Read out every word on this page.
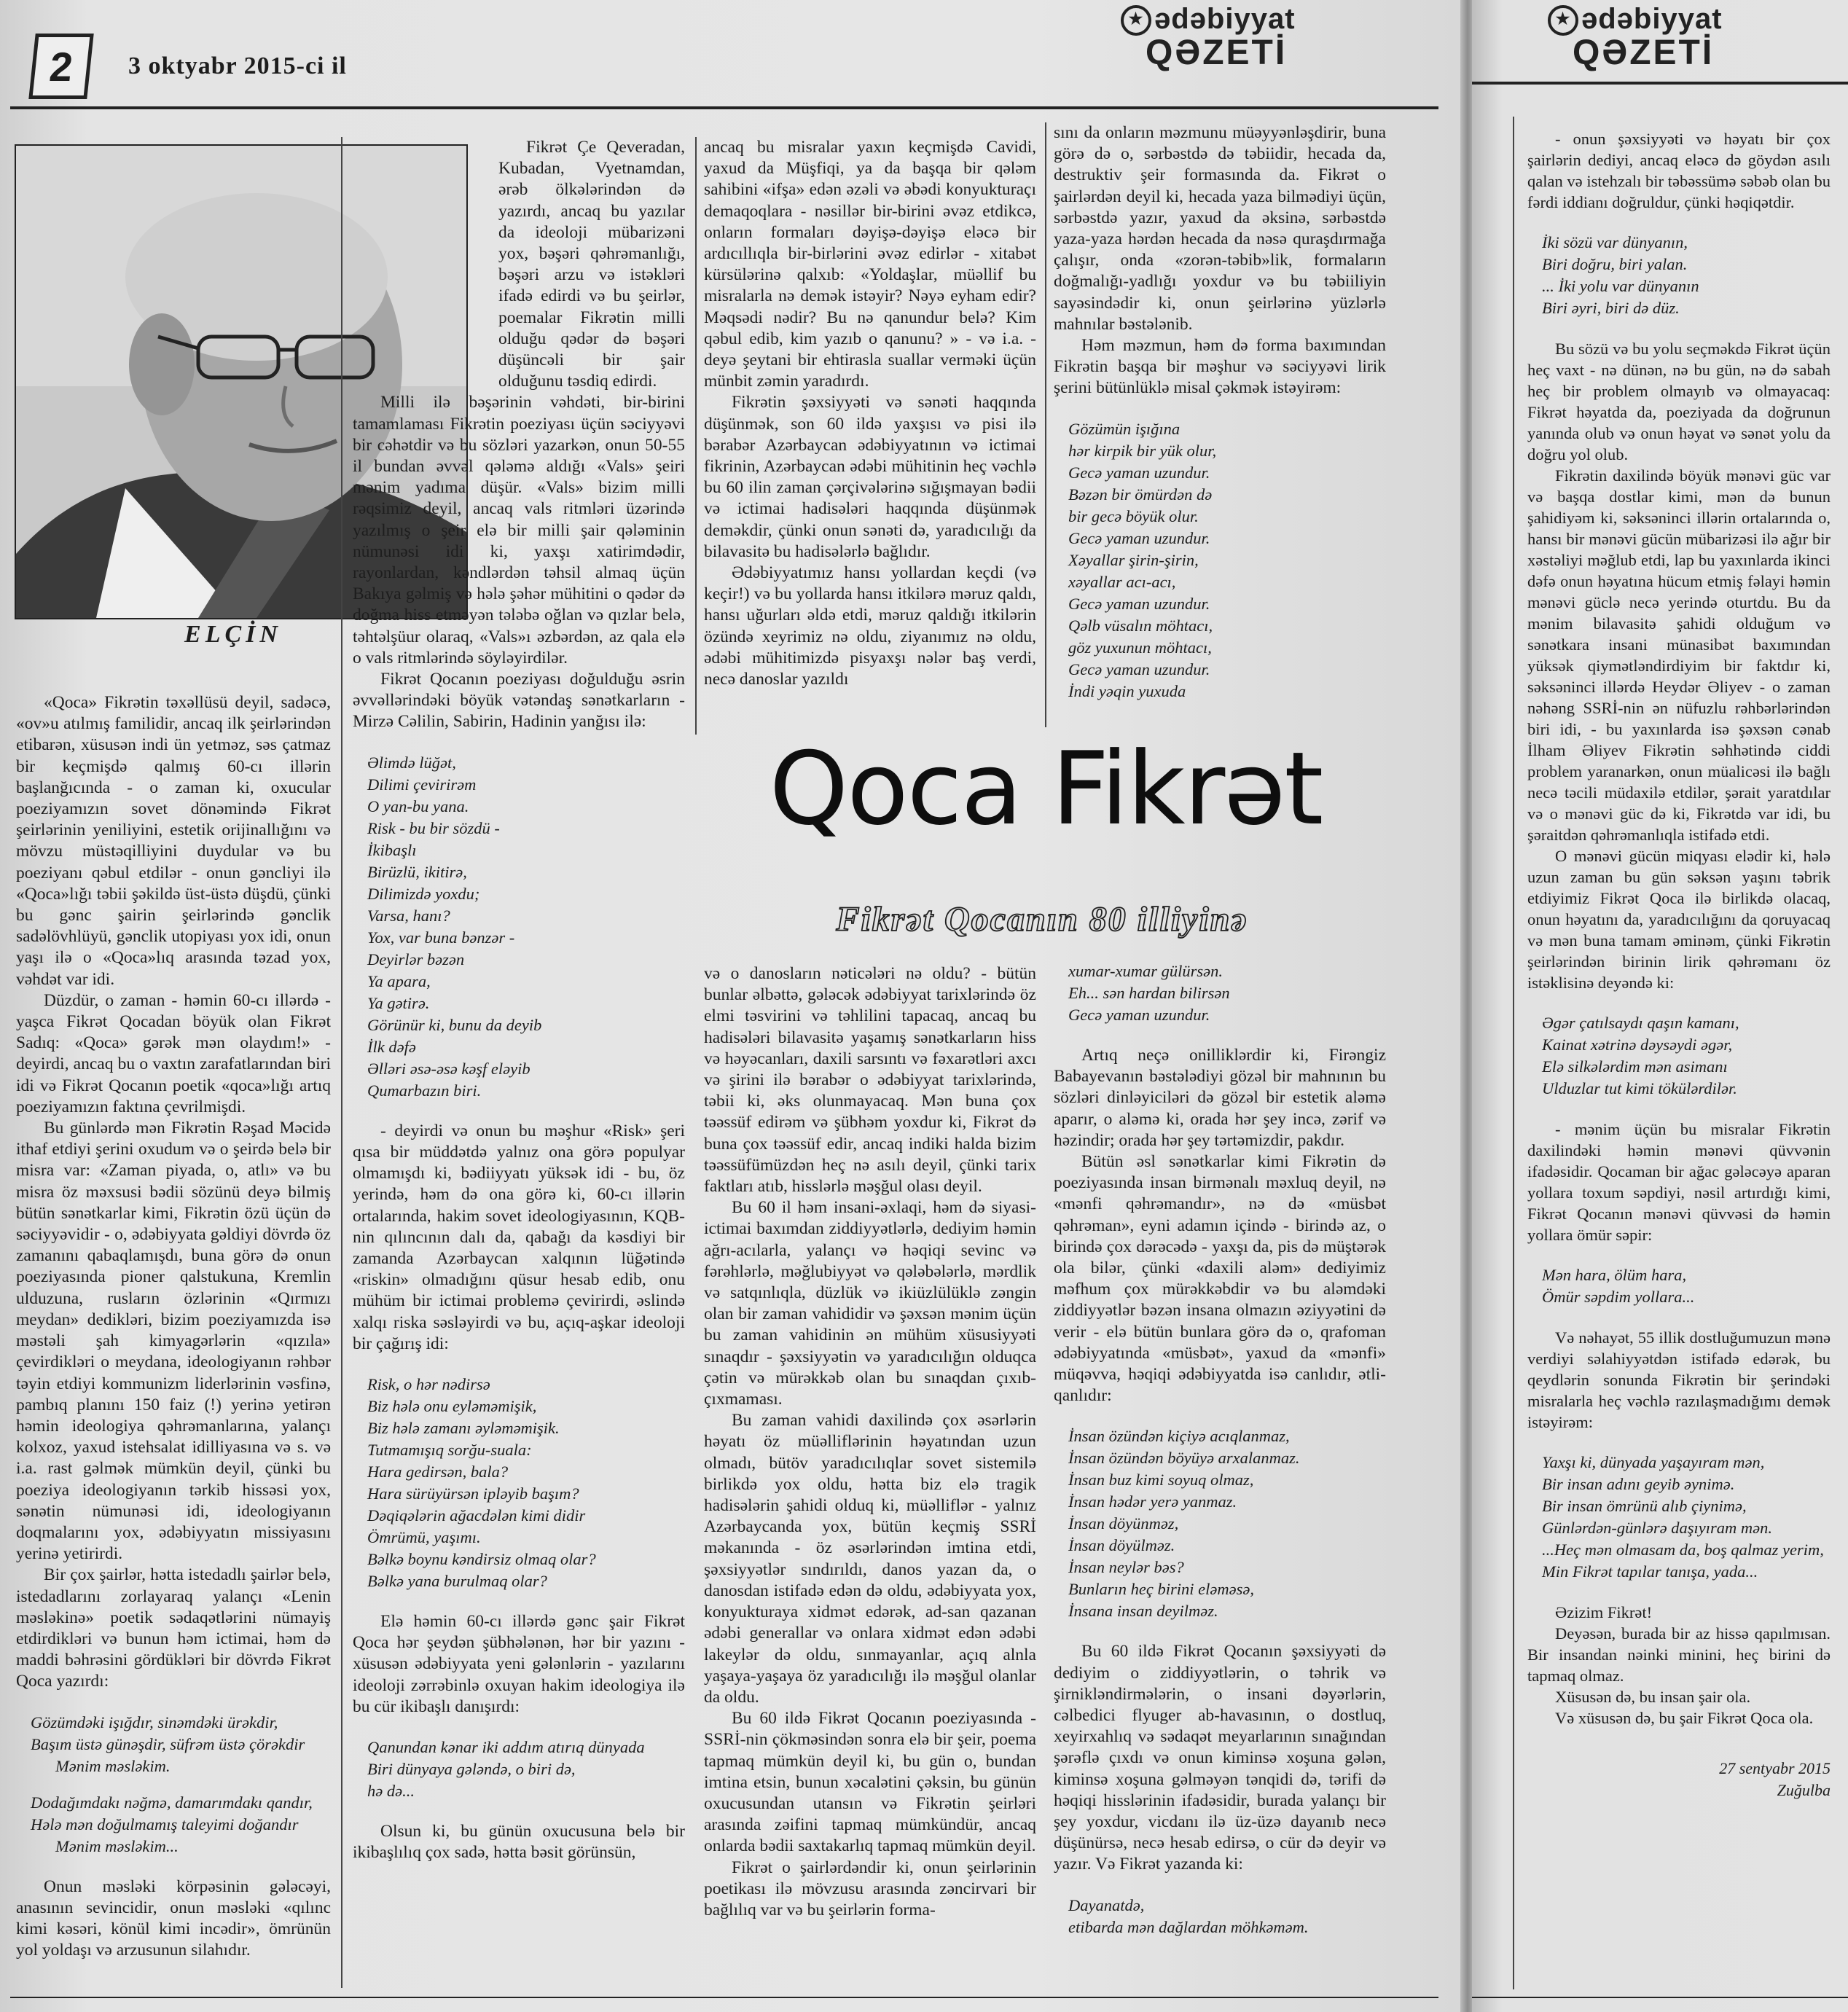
2 3 oktyabr 2015-ci il
★ ədəbiyyat
QƏZETİ
ELÇİN
Qoca Fikrət
Fikrət Qocanın 80 illiyinə

«Qoca» Fikrətin təxəllüsü deyil, sadəcə, «ov»u atılmış familidir, ancaq ilk şeirlərindən etibarən, xüsusən indi ün yetməz, səs çatmaz bir keçmişdə qalmış 60-cı illərin başlanğıcında - o zaman ki, oxucular poeziyamızın sovet dönəmində Fikrət şeirlərinin yeniliyini, estetik orijinallığını və mövzu müstəqilliyini duydular və bu poeziyanı qəbul etdilər - onun gəncliyi ilə «Qoca»lığı təbii şəkildə üst-üstə düşdü, çünki bu gənc şairin şeirlərində gənclik sadəlövhlüyü, gənclik utopiyası yox idi, onun yaşı ilə o «Qoca»lıq arasında təzad yox, vəhdət var idi.

Düzdür, o zaman - həmin 60-cı illərdə - yaşca Fikrət Qocadan böyük olan Fikrət Sadıq: «Qoca» gərək mən olaydım!» - deyirdi, ancaq bu o vaxtın zarafatlarından biri idi və Fikrət Qocanın poetik «qoca»lığı artıq poeziyamızın faktına çevrilmişdi.

Bu günlərdə mən Fikrətin Rəşad Məcidə ithaf etdiyi şerini oxudum və o şeirdə belə bir misra var: «Zaman piyada, o, atlı» və bu misra öz məxsusi bədii sözünü deyə bilmiş bütün sənətkarlar kimi, Fikrətin özü üçün də səciyyəvidir - o, ədəbiyyata gəldiyi dövrdə öz zamanını qabaqlamışdı, buna görə də onun poeziyasında pioner qalstukuna, Kremlin ulduzuna, rusların özlərinin «Qırmızı meydan» dedikləri, bizim poeziyamızda isə məstəli şah kimyagərlərin «qızıla» çevirdikləri o meydana, ideologiyanın rəhbər təyin etdiyi kommunizm liderlərinin vəsfinə, pambıq planını 150 faiz (!) yerinə yetirən həmin ideologiya qəhrəmanlarına, yalançı kolxoz, yaxud istehsalat idilliyasına və s. və i.a. rast gəlmək mümkün deyil, çünki bu poeziya ideologiyanın tərkib hissəsi yox, sənətin nümunəsi idi, ideologiyanın doqmalarını yox, ədəbiyyatın missiyasını yerinə yetirirdi.

Bir çox şairlər, hətta istedadlı şairlər belə, istedadlarını zorlayaraq yalançı «Lenin məsləkinə» poetik sədaqətlərini nümayiş etdirdikləri və bunun həm ictimai, həm də maddi bəhrəsini gördükləri bir dövrdə Fikrət Qoca yazırdı:

Gözümdəki işığdır, sinəmdəki ürəkdir,
Başım üstə günəşdir, süfrəm üstə çörəkdir
Mənim məsləkim.
Dodağımdakı nəğmə, damarımdakı qandır,
Hələ mən doğulmamış taleyimi doğandır
Mənim məsləkim...

Onun məsləki körpəsinin gələcəyi, anasının sevincidir, onun məsləki «qılınc kimi kəsəri, könül kimi incədir», ömrünün yol yoldaşı və arzusunun silahıdır.

Fikrət Çe Qeveradan, Kubadan, Vyetnamdan, ərəb ölkələrindən də yazırdı, ancaq bu yazılar da ideoloji mübarizəni yox, bəşəri qəhrəmanlığı, bəşəri arzu və istəkləri ifadə edirdi və bu şeirlər, poemalar Fikrətin milli olduğu qədər də bəşəri düşüncəli bir şair olduğunu təsdiq edirdi.

Milli ilə bəşərinin vəhdəti, bir-birini tamamlaması Fikrətin poeziyası üçün səciyyəvi bir cəhətdir və bu sözləri yazarkən, onun 50-55 il bundan əvvəl qələmə aldığı «Vals» şeiri mənim yadıma düşür. «Vals» bizim milli rəqsimiz deyil, ancaq vals ritmləri üzərində yazılmış o şeir elə bir milli şair qələminin nümunəsi idi ki, yaxşı xatirimdədir, rayonlardan, kəndlərdən təhsil almaq üçün Bakıya gəlmiş və hələ şəhər mühitini o qədər də doğma hiss etməyən tələbə oğlan və qızlar belə, təhtəlşüur olaraq, «Vals»ı əzbərdən, az qala elə o vals ritmlərində söyləyirdilər.

Fikrət Qocanın poeziyası doğulduğu əsrin əvvəllərindəki böyük vətəndaş sənətkarların - Mirzə Cəlilin, Sabirin, Hadinin yanğısı ilə:

Əlimdə lüğət,
Dilimi çevirirəm
O yan-bu yana.
Risk - bu bir sözdü -
İkibaşlı
Birüzlü, ikitirə,
Dilimizdə yoxdu;
Varsa, hanı?
Yox, var buna bənzər -
Deyirlər bəzən
Ya apara,
Ya gətirə.
Görünür ki, bunu da deyib
İlk dəfə
Əlləri əsə-əsə kəşf eləyib
Qumarbazın biri.

- deyirdi və onun bu məşhur «Risk» şeri qısa bir müddətdə yalnız ona görə populyar olmamışdı ki, bədiiyyatı yüksək idi - bu, öz yerində, həm də ona görə ki, 60-cı illərin ortalarında, hakim sovet ideologiyasının, KQB-nin qılıncının dalı da, qabağı da kəsdiyi bir zamanda Azərbaycan xalqının lüğətində «riskin» olmadığını qüsur hesab edib, onu mühüm bir ictimai problemə çevirirdi, əslində xalqı riska səsləyirdi və bu, açıq-aşkar ideoloji bir çağırış idi:

Risk, o hər nədirsə
Biz hələ onu eyləməmişik,
Biz hələ zamanı əyləməmişik.
Tutmamışıq sorğu-suala:
Hara gedirsən, bala?
Hara sürüyürsən ipləyib başım?
Dəqiqələrin ağacdələn kimi didir
Ömrümü, yaşımı.
Bəlkə boynu kəndirsiz olmaq olar?
Bəlkə yana burulmaq olar?

Elə həmin 60-cı illərdə gənc şair Fikrət Qoca hər şeydən şübhələnən, hər bir yazını - xüsusən ədəbiyyata yeni gələnlərin - yazılarını ideoloji zərrəbinlə oxuyan hakim ideologiya ilə bu cür ikibaşlı danışırdı:

Qanundan kənar iki addım atırıq dünyada
Biri dünyaya gələndə, o biri də,
hə də...

Olsun ki, bu günün oxucusuna belə bir ikibaşlılıq çox sadə, hətta bəsit görünsün,

ancaq bu misralar yaxın keçmişdə Cavidi, yaxud da Müşfiqi, ya da başqa bir qələm sahibini «ifşa» edən əzəli və əbədi konyukturaçı demaqoqlara - nəsillər bir-birini əvəz etdikcə, onların formaları dəyişə-dəyişə eləcə bir ardıcıllıqla bir-birlərini əvəz edirlər - xitabət kürsülərinə qalxıb: «Yoldaşlar, müəllif bu misralarla nə demək istəyir? Nəyə eyham edir? Məqsədi nədir? Bu nə qanundur belə? Kim qəbul edib, kim yazıb o qanunu? » - və i.a. - deyə şeytani bir ehtirasla suallar verməki üçün münbit zəmin yaradırdı.

Fikrətin şəxsiyyəti və sənəti haqqında düşünmək, son 60 ildə yaxşısı və pisi ilə bərabər Azərbaycan ədəbiyyatının və ictimai fikrinin, Azərbaycan ədəbi mühitinin heç vəchlə bu 60 ilin zaman çərçivələrinə sığışmayan bədii və ictimai hadisələri haqqında düşünmək deməkdir, çünki onun sənəti də, yaradıcılığı da bilavasitə bu hadisələrlə bağlıdır.

Ədəbiyyatımız hansı yollardan keçdi (və keçir!) və bu yollarda hansı itkilərə məruz qaldı, hansı uğurları əldə etdi, məruz qaldığı itkilərin özündə xeyrimiz nə oldu, ziyanımız nə oldu, ədəbi mühitimizdə pisyaxşı nələr baş verdi, necə danoslar yazıldı

və o danosların nəticələri nə oldu? - bütün bunlar əlbəttə, gələcək ədəbiyyat tarixlərində öz elmi təsvirini və təhlilini tapacaq, ancaq bu hadisələri bilavasitə yaşamış sənətkarların hiss və həyəcanları, daxili sarsıntı və fəxarətləri axcı və şirini ilə bərabər o ədəbiyyat tarixlərində, təbii ki, əks olunmayacaq. Mən buna çox təəssüf edirəm və şübhəm yoxdur ki, Fikrət də buna çox təəssüf edir, ancaq indiki halda bizim təəssüfümüzdən heç nə asılı deyil, çünki tarix faktları atıb, hisslərlə məşğul olası deyil.

Bu 60 il həm insani-əxlaqi, həm də siyasi-ictimai baxımdan ziddiyyətlərlə, dediyim həmin ağrı-acılarla, yalançı və həqiqi sevinc və fərəhlərlə, məğlubiyyət və qələbələrlə, mərdlik və satqınlıqla, düzlük və ikiüzlülüklə zəngin olan bir zaman vahididir və şəxsən mənim üçün bu zaman vahidinin ən mühüm xüsusiyyəti sınaqdır - şəxsiyyətin və yaradıcılığın olduqca çətin və mürəkkəb olan bu sınaqdan çıxıb-çıxmaması.

Bu zaman vahidi daxilində çox əsərlərin həyatı öz müəlliflərinin həyatından uzun olmadı, bütöv yaradıcılıqlar sovet sistemilə birlikdə yox oldu, hətta biz elə tragik hadisələrin şahidi olduq ki, müəlliflər - yalnız Azərbaycanda yox, bütün keçmiş SSRİ məkanında - öz əsərlərindən imtina etdi, şəxsiyyətlər sındırıldı, danos yazan da, o danosdan istifadə edən də oldu, ədəbiyyata yox, konyukturaya xidmət edərək, ad-san qazanan ədəbi generallar və onlara xidmət edən ədəbi lakeylər də oldu, sınmayanlar, açıq alnla yaşaya-yaşaya öz yaradıcılığı ilə məşğul olanlar da oldu.

Bu 60 ildə Fikrət Qocanın poeziyasında - SSRİ-nin çökməsindən sonra elə bir şeir, poema tapmaq mümkün deyil ki, bu gün o, bundan imtina etsin, bunun xəcalətini çəksin, bu günün oxucusundan utansın və Fikrətin şeirləri arasında zəifini tapmaq mümkündür, ancaq onlarda bədii saxtakarlıq tapmaq mümkün deyil.

Fikrət o şairlərdəndir ki, onun şeirlərinin poetikası ilə mövzusu arasında zəncirvari bir bağlılıq var və bu şeirlərin forma-

sını da onların məzmunu müəyyənləşdirir, buna görə də o, sərbəstdə də təbiidir, hecada da, destruktiv şeir formasında da. Fikrət o şairlərdən deyil ki, hecada yaza bilmədiyi üçün, sərbəstdə yazır, yaxud da əksinə, sərbəstdə yaza-yaza hərdən hecada da nəsə quraşdırmağa çalışır, onda «zorən-təbib»lik, formaların doğmalığı-yadlığı yoxdur və bu təbiiliyin sayəsindədir ki, onun şeirlərinə yüzlərlə mahnılar bəstələnib.

Həm məzmun, həm də forma baxımından Fikrətin başqa bir məşhur və səciyyəvi lirik şerini bütünlüklə misal çəkmək istəyirəm:

Gözümün işığına
hər kirpik bir yük olur,
Gecə yaman uzundur.
Bəzən bir ömürdən də
bir gecə böyük olur.
Gecə yaman uzundur.
Xəyallar şirin-şirin,
xəyallar acı-acı,
Gecə yaman uzundur.
Qəlb vüsalın möhtacı,
göz yuxunun möhtacı,
Gecə yaman uzundur.
İndi yəqin yuxuda
xumar-xumar gülürsən.
Eh... sən hardan bilirsən
Gecə yaman uzundur.

Artıq neçə onilliklərdir ki, Firəngiz Babayevanın bəstələdiyi gözəl bir mahnının bu sözləri dinləyiciləri də gözəl bir estetik aləmə aparır, o aləmə ki, orada hər şey incə, zərif və həzindir; orada hər şey tərtəmizdir, pakdır.

Bütün əsl sənətkarlar kimi Fikrətin də poeziyasında insan birmənalı məxluq deyil, nə «mənfi qəhrəmandır», nə də «müsbət qəhrəman», eyni adamın içində - birində az, o birində çox dərəcədə - yaxşı da, pis də müştərək ola bilər, çünki «daxili aləm» dediyimiz məfhum çox mürəkkəbdir və bu aləmdəki ziddiyyətlər bəzən insana olmazın əziyyətini də verir - elə bütün bunlara görə də o, qrafoman ədəbiyyatında «müsbət», yaxud da «mənfi» müqəvva, həqiqi ədəbiyyatda isə canlıdır, ətli-qanlıdır:

İnsan özündən kiçiyə acıqlanmaz,
İnsan özündən böyüyə arxalanmaz.
İnsan buz kimi soyuq olmaz,
İnsan hədər yerə yanmaz.
İnsan döyünməz,
İnsan döyülməz.
İnsan neylər bəs?
Bunların heç birini eləməsə,
İnsana insan deyilməz.

Bu 60 ildə Fikrət Qocanın şəxsiyyəti də dediyim o ziddiyyətlərin, o təhrik və şirnikləndirmələrin, o insani dəyərlərin, cəlbedici flyuger ab-havasının, o dostluq, xeyirxahlıq və sədaqət meyarlarının sınağından şərəflə çıxdı və onun kiminsə xoşuna gələn, kiminsə xoşuna gəlməyən tənqidi də, tərifi də həqiqi hisslərinin ifadəsidir, burada yalançı bir şey yoxdur, vicdanı ilə üz-üzə dayanıb necə düşünürsə, necə hesab edirsə, o cür də deyir və yazır. Və Fikrət yazanda ki:

Dayanatdə,
etibarda mən dağlardan möhkəməm.
★ ədəbiyyat
QƏZETİ

- onun şəxsiyyəti və həyatı bir çox şairlərin dediyi, ancaq eləcə də göydən asılı qalan və istehzalı bir təbəssümə səbəb olan bu fərdi iddianı doğruldur, çünki həqiqətdir.

İki sözü var dünyanın,
Biri doğru, biri yalan.
... İki yolu var dünyanın
Biri əyri, biri də düz.

Bu sözü və bu yolu seçməkdə Fikrət üçün heç vaxt - nə dünən, nə bu gün, nə də sabah heç bir problem olmayıb və olmayacaq: Fikrət həyatda da, poeziyada da doğrunun yanında olub və onun həyat və sənət yolu da doğru yol olub.

Fikrətin daxilində böyük mənəvi güc var və başqa dostlar kimi, mən də bunun şahidiyəm ki, səksəninci illərin ortalarında o, hansı bir mənəvi gücün mübarizəsi ilə ağır bir xəstəliyi məğlub etdi, lap bu yaxınlarda ikinci dəfə onun həyatına hücum etmiş fəlayi həmin mənəvi güclə necə yerində oturtdu. Bu da mənim bilavasitə şahidi olduğum və sənətkara insani münasibət baxımından yüksək qiymətləndirdiyim bir faktdır ki, səksəninci illərdə Heydər Əliyev - o zaman nəhəng SSRİ-nin ən nüfuzlu rəhbərlərindən biri idi, - bu yaxınlarda isə şəxsən cənab İlham Əliyev Fikrətin səhhətində ciddi problem yaranarkən, onun müalicəsi ilə bağlı necə təcili müdaxilə etdilər, şərait yaratdılar və o mənəvi güc də ki, Fikrətdə var idi, bu şəraitdən qəhrəmanlıqla istifadə etdi.

O mənəvi gücün miqyası elədir ki, hələ uzun zaman bu gün səksən yaşını təbrik etdiyimiz Fikrət Qoca ilə birlikdə olacaq, onun həyatını da, yaradıcılığını da qoruyacaq və mən buna tamam əminəm, çünki Fikrətin şeirlərindən birinin lirik qəhrəmanı öz istəklisinə deyəndə ki:

Əgər çatılsaydı qaşın kamanı,
Kainat xətrinə dəysəydi əgər,
Elə silkələrdim mən asimanı
Ulduzlar tut kimi tökülərdilər.

- mənim üçün bu misralar Fikrətin daxilindəki həmin mənəvi qüvvənin ifadəsidir. Qocaman bir ağac gələcəyə aparan yollara toxum səpdiyi, nəsil artırdığı kimi, Fikrət Qocanın mənəvi qüvvəsi də həmin yollara ömür səpir:

Mən hara, ölüm hara,
Ömür səpdim yollara...

Və nəhayət, 55 illik dostluğumuzun mənə verdiyi səlahiyyətdən istifadə edərək, bu qeydlərin sonunda Fikrətin bir şerindəki misralarla heç vəchlə razılaşmadığımı demək istəyirəm:

Yaxşı ki, dünyada yaşayıram mən,
Bir insan adını geyib əynimə.
Bir insan ömrünü alıb çiynimə,
Günlərdən-günlərə daşıyıram mən.
...Heç mən olmasam da, boş qalmaz yerim,
Min Fikrət tapılar tanışa, yada...

Əzizim Fikrət!

Deyəsən, burada bir az hissə qapılmısan. Bir insandan nəinki minini, heç birini də tapmaq olmaz.

Xüsusən də, bu insan şair ola.

Və xüsusən də, bu şair Fikrət Qoca ola.

27 sentyabr 2015
Zuğulba
